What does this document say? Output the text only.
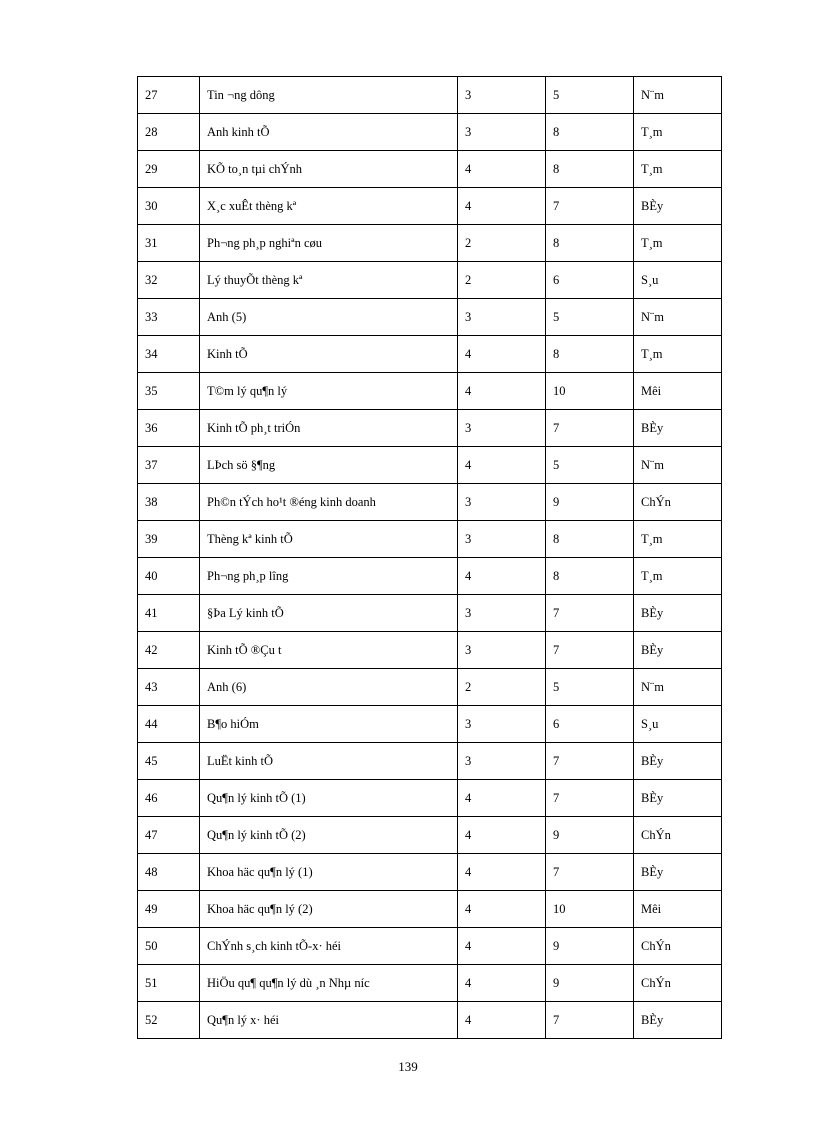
27	Tin ¬ng dông	3	5	N¨m
28	Anh kinh tÕ	3	8	T¸m
29	KÕ to¸n tµi chÝnh	4	8	T¸m
30	X¸c xuÊt thèng kª	4	7	BÈy
31	Ph¬ng ph¸p nghiªn cøu	2	8	T¸m
32	Lý thuyÕt thèng kª	2	6	S¸u
33	Anh (5)	3	5	N¨m
34	Kinh tÕ	4	8	T¸m
35	T©m lý qu¶n lý	4	10	Mêi
36	Kinh tÕ ph¸t triÓn	3	7	BÈy
37	LÞch sö §¶ng	4	5	N¨m
38	Ph©n tÝch ho¹t ®éng kinh doanh	3	9	ChÝn
39	Thèng kª kinh tÕ	3	8	T¸m
40	Ph¬ng ph¸p lîng	4	8	T¸m
41	§Þa Lý kinh tÕ	3	7	BÈy
42	Kinh tÕ ®Çu t	3	7	BÈy
43	Anh (6)	2	5	N¨m
44	B¶o hiÓm	3	6	S¸u
45	LuËt kinh tÕ	3	7	BÈy
46	Qu¶n lý kinh tÕ (1)	4	7	BÈy
47	Qu¶n lý kinh tÕ (2)	4	9	ChÝn
48	Khoa häc qu¶n lý (1)	4	7	BÈy
49	Khoa häc qu¶n lý (2)	4	10	Mêi
50	ChÝnh s¸ch kinh tÕ-x· héi	4	9	ChÝn
51	HiÖu qu¶ qu¶n lý dù ¸n Nhµ níc	4	9	ChÝn
52	Qu¶n lý x· héi	4	7	BÈy
139
